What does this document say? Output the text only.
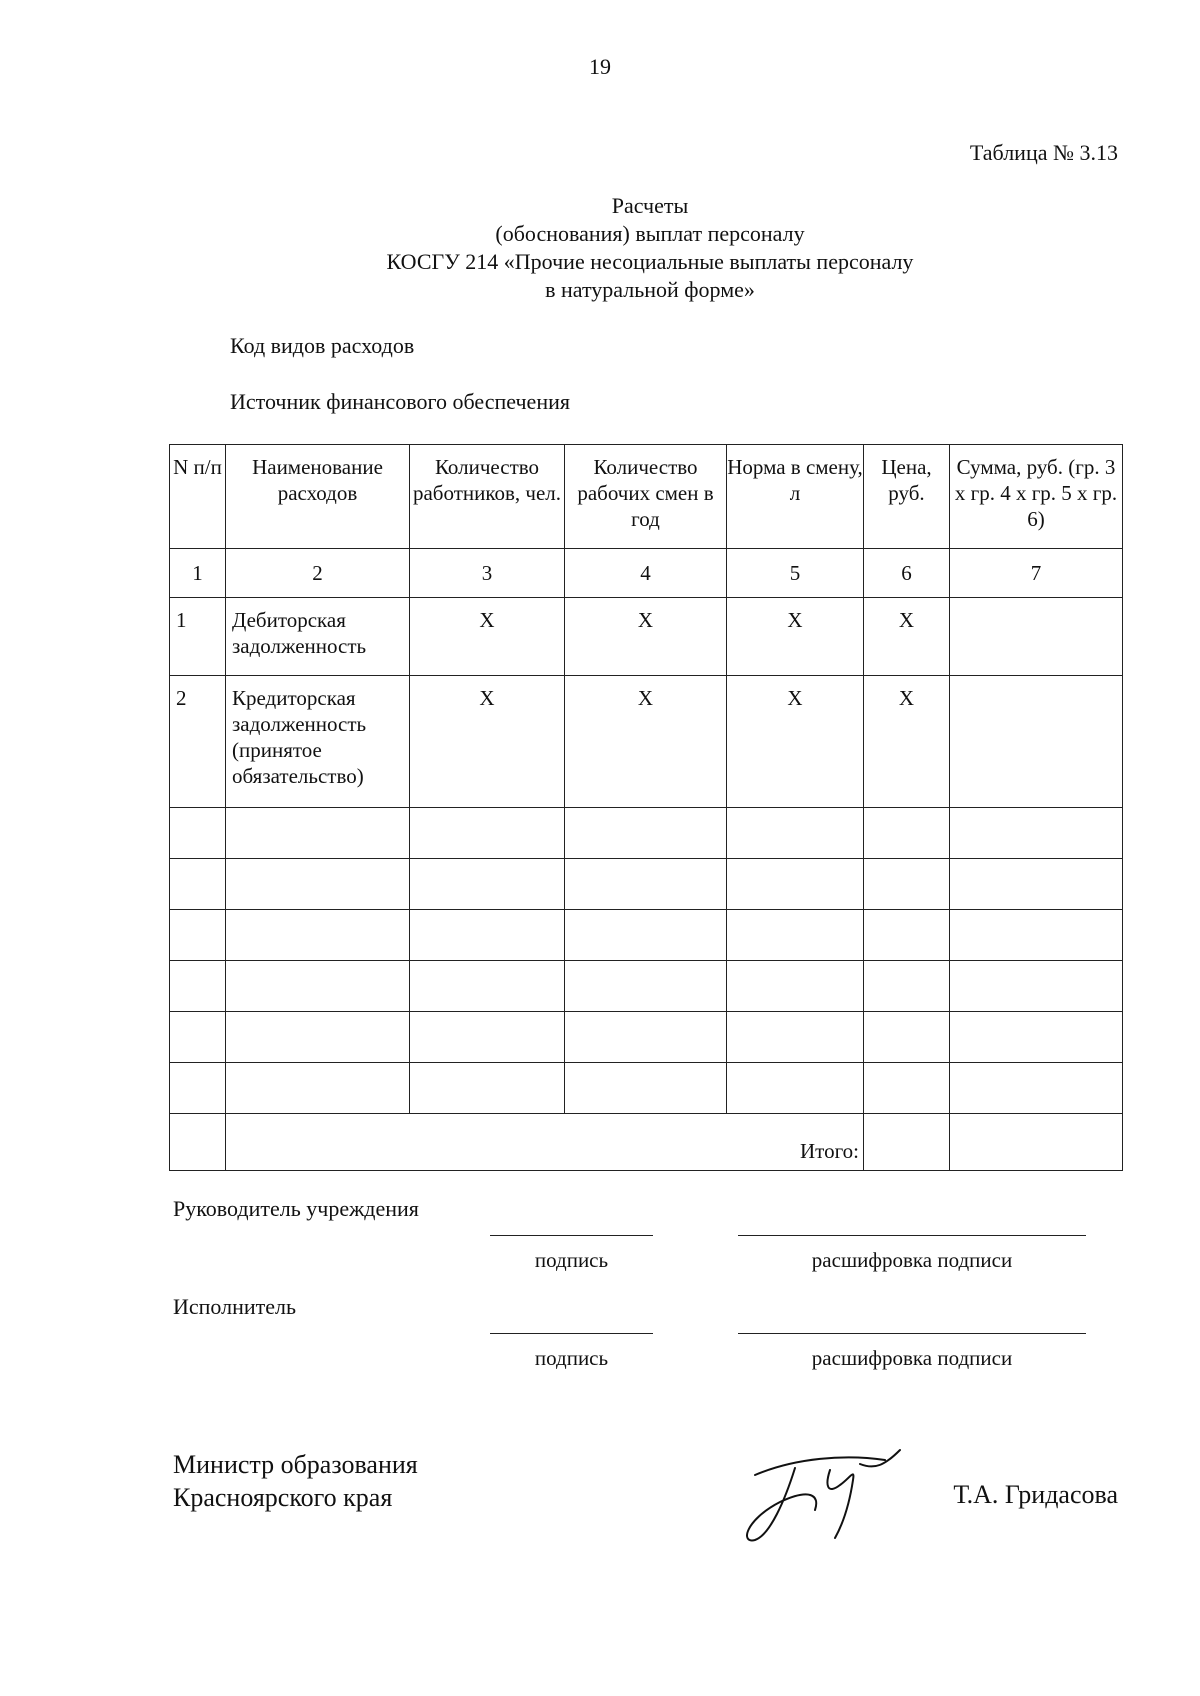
19
Таблица № 3.13
Расчеты
(обоснования) выплат персоналу
КОСГУ 214 «Прочие несоциальные выплаты персоналу
в натуральной форме»
Код видов расходов
Источник финансового обеспечения
N п/п	Наименование расходов	Количество работников, чел.	Количество рабочих смен в год	Норма в смену, л	Цена, руб.	Сумма, руб. (гр. 3 х гр. 4 х гр. 5 х гр. 6)
1	2	3	4	5	6	7
1	Дебиторская задолженность	X	X	X	X	
2	Кредиторская задолженность (принятое обязательство)	X	X	X	X	

	Итого:					
Руководитель учреждения
подпись	расшифровка подписи
Исполнитель
подпись	расшифровка подписи
Министр образования
Красноярского края	Т.А. Гридасова
